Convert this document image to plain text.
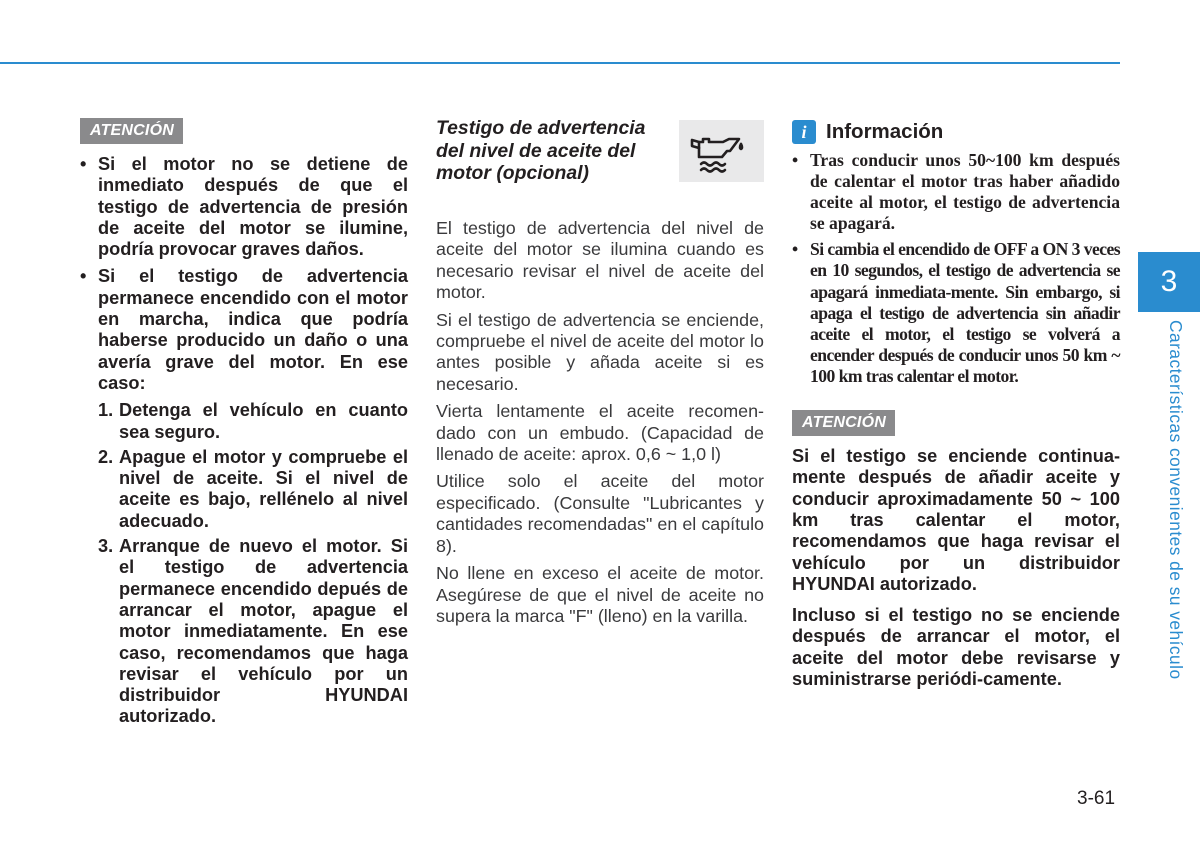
ATENCIÓN
• Si el motor no se detiene de inmediato después de que el testigo de advertencia de presión de aceite del motor se ilumine, podría provocar graves daños.
• Si el testigo de advertencia permanece encendido con el motor en marcha, indica que podría haberse producido un daño o una avería grave del motor. En ese caso:
1. Detenga el vehículo en cuanto sea seguro.
2. Apague el motor y compruebe el nivel de aceite. Si el nivel de aceite es bajo, rellénelo al nivel adecuado.
3. Arranque de nuevo el motor. Si el testigo de advertencia permanece encendido depués de arrancar el motor, apague el motor inmediatamente. En ese caso, recomendamos que haga revisar el vehículo por un distribuidor HYUNDAI autorizado.
Testigo de advertencia del nivel de aceite del motor (opcional)

El testigo de advertencia del nivel de aceite del motor se ilumina cuando es necesario revisar el nivel de aceite del motor.

Si el testigo de advertencia se enciende, compruebe el nivel de aceite del motor lo antes posible y añada aceite si es necesario.

Vierta lentamente el aceite recomen-dado con un embudo. (Capacidad de llenado de aceite: aprox. 0,6 ~ 1,0 l)

Utilice solo el aceite del motor especificado. (Consulte "Lubricantes y cantidades recomendadas" en el capítulo 8).

No llene en exceso el aceite de motor. Asegúrese de que el nivel de aceite no supera la marca "F" (lleno) en la varilla.

i Información
• Tras conducir unos 50~100 km después de calentar el motor tras haber añadido aceite al motor, el testigo de advertencia se apagará.
• Si cambia el encendido de OFF a ON 3 veces en 10 segundos, el testigo de advertencia se apagará inmediata-mente. Sin embargo, si apaga el testigo de advertencia sin añadir aceite el motor, el testigo se volverá a encender después de conducir unos 50 km ~ 100 km tras calentar el motor.
ATENCIÓN

Si el testigo se enciende continua-mente después de añadir aceite y conducir aproximadamente 50 ~ 100 km tras calentar el motor, recomendamos que haga revisar el vehículo por un distribuidor HYUNDAI autorizado.

Incluso si el testigo no se enciende después de arrancar el motor, el aceite del motor debe revisarse y suministrarse periódi-camente.

3
Características convenientes de su vehículo
3-61
